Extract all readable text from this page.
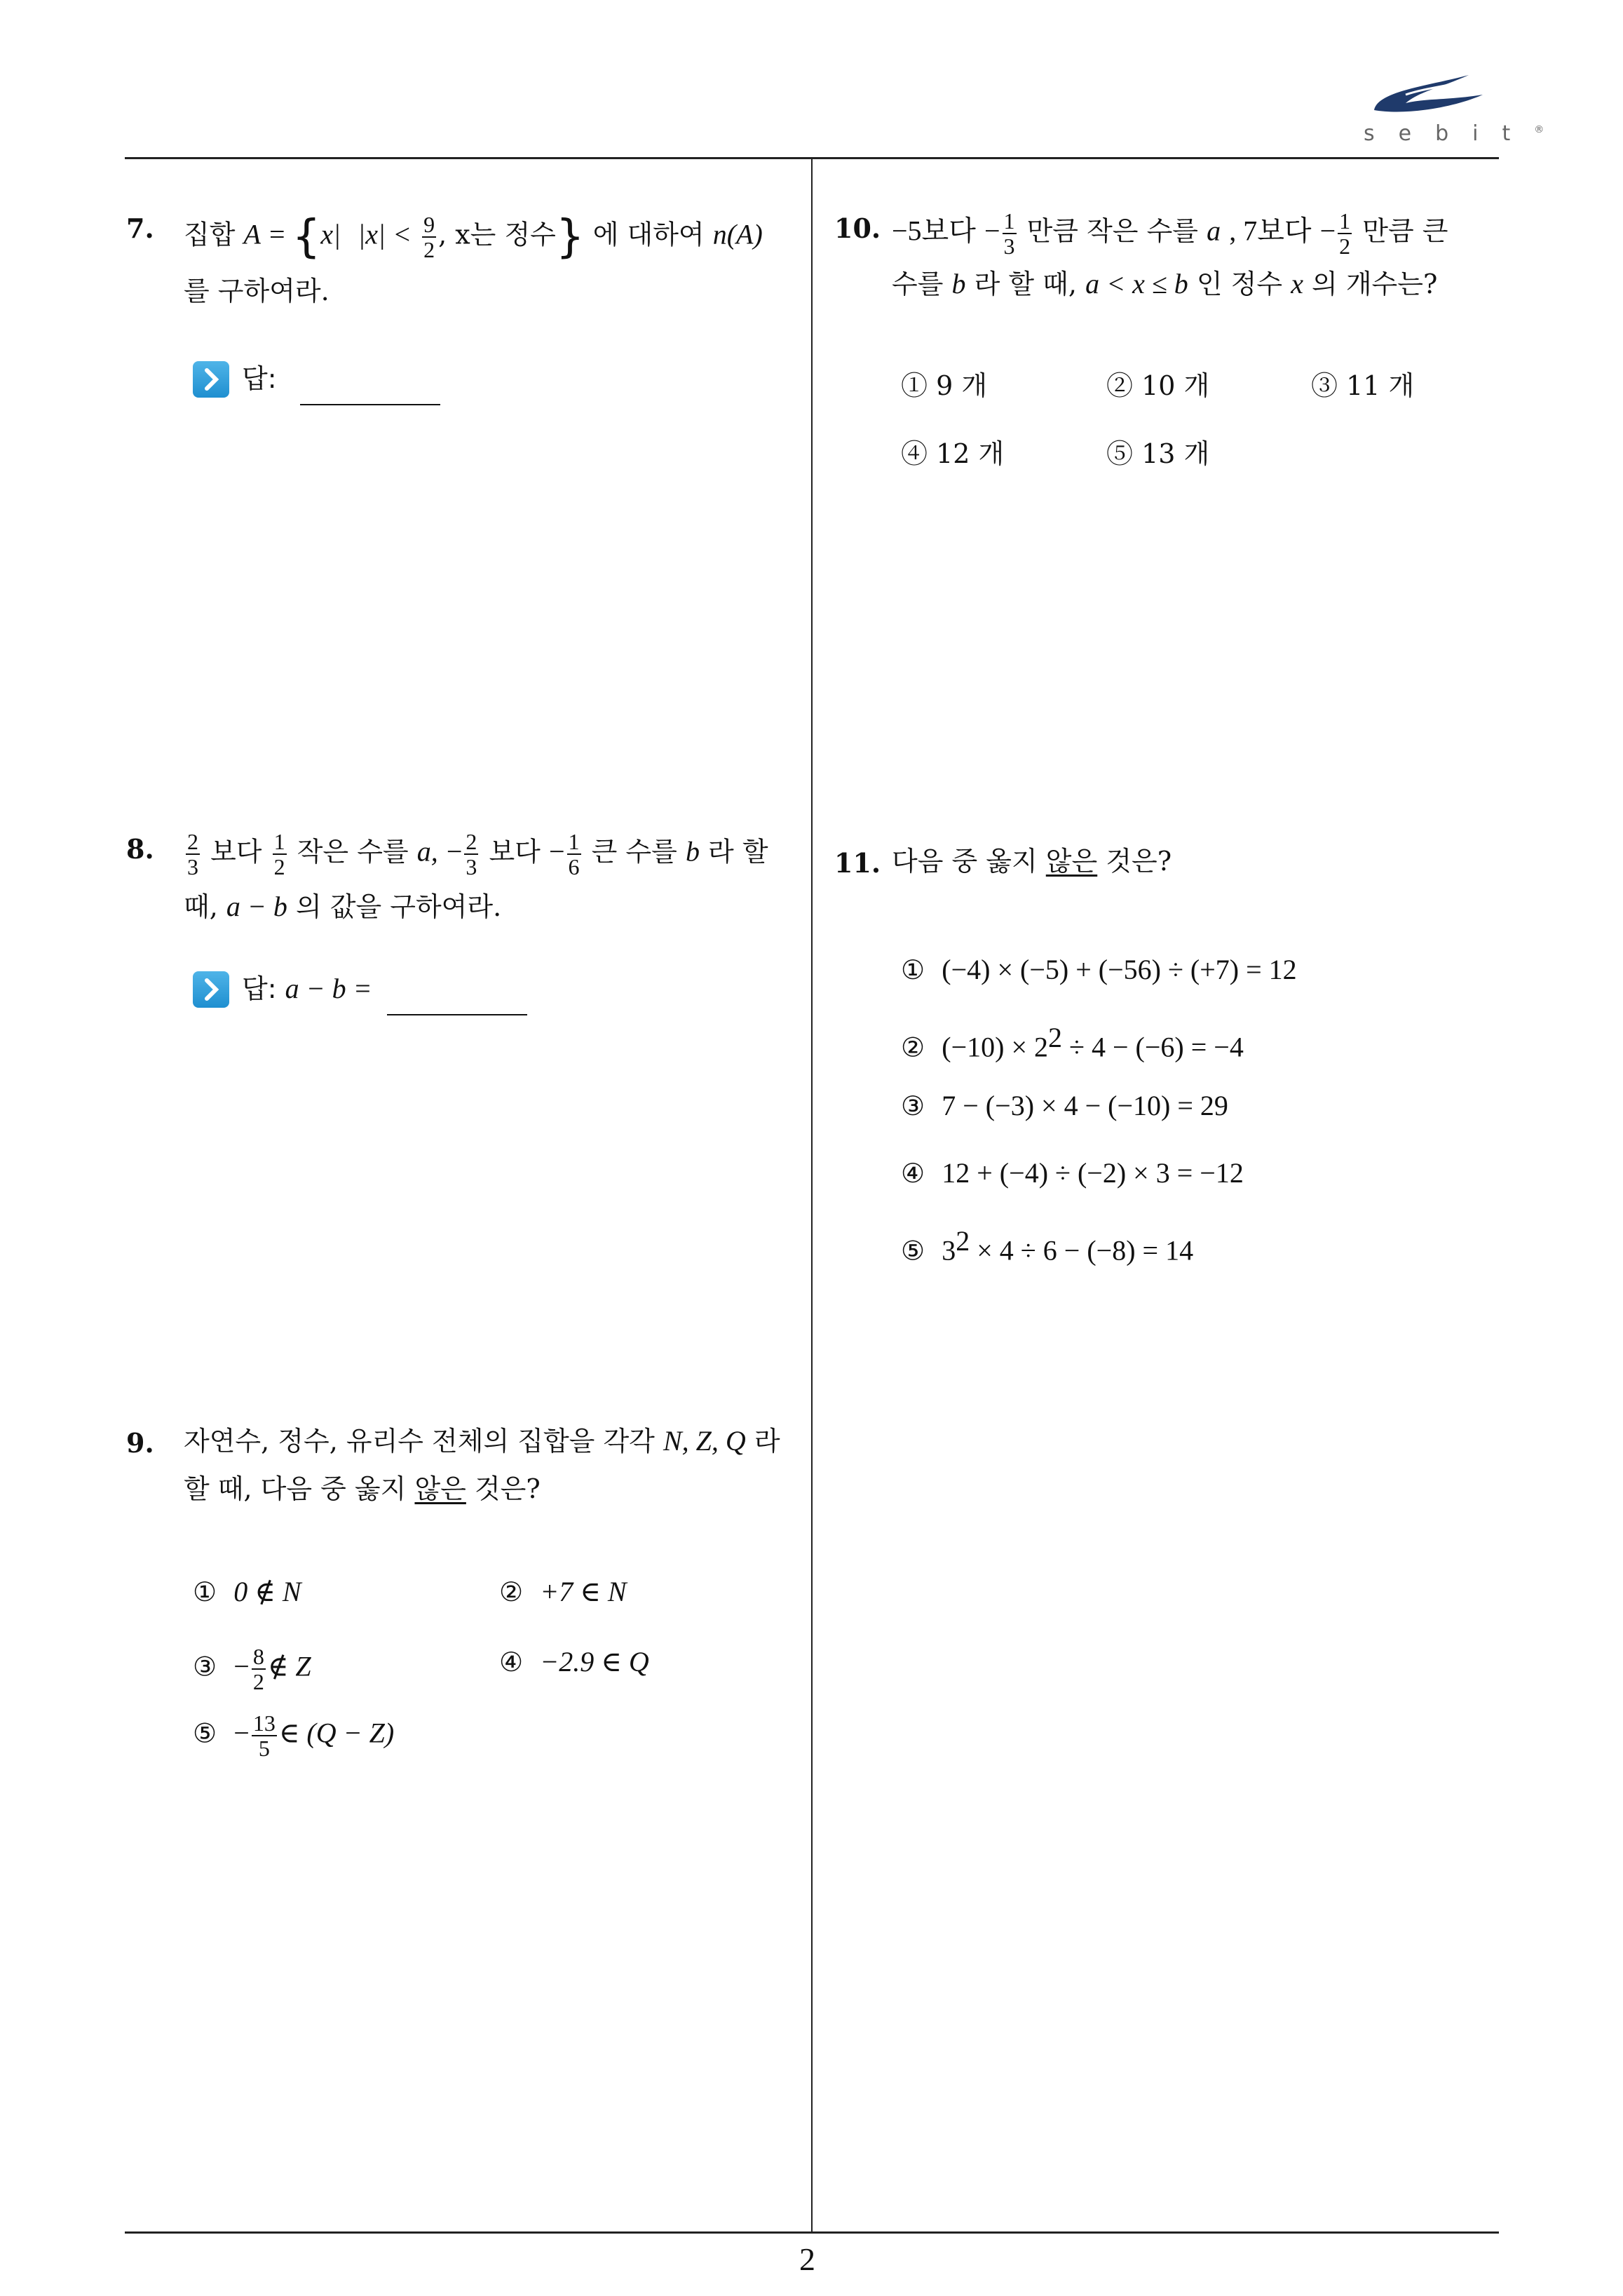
sebit®
2
7. 집합 A = {x| $|x| < \frac{9}{2}$ , x는 정수} 에 대하여 n(A)
를 구하여라.
답:
8. $\frac{2}{3}$ 보다 $\frac{1}{2}$ 작은 수를 a, − $\frac{2}{3}$ 보다 − $\frac{1}{6}$ 큰 수를 b 라 할
때, a − b 의 값을 구하여라.
답: a − b =
9. 자연수, 정수, 유리수 전체의 집합을 각각 N, Z, Q 라
할 때, 다음 중 옳지 않은 것은?
① 0 ∉ N	② +7 ∈ N
③ − $\frac{8}{2}$ ∉ Z	④ −2.9 ∈ Q
⑤ − $\frac{13}{5}$ ∈ (Q − Z)
10. −5보다 − $\frac{1}{3}$ 만큼 작은 수를 a , 7보다 − $\frac{1}{2}$ 만큼 큰
수를 b 라 할 때, a < x ≤ b 인 정수 x 의 개수는?
① 9 개	② 10 개	③ 11 개
④ 12 개	⑤ 13 개
11. 다음 중 옳지 않은 것은?
① (−4) × (−5) + (−56) ÷ (+7) = 12
② $(-10) \times 2^2 \div 4 - (-6) = -4$
③ 7 − (−3) × 4 − (−10) = 29
④ 12 + (−4) ÷ (−2) × 3 = −12
⑤ $3^2 \times 4 \div 6 - (-8) = 14$
